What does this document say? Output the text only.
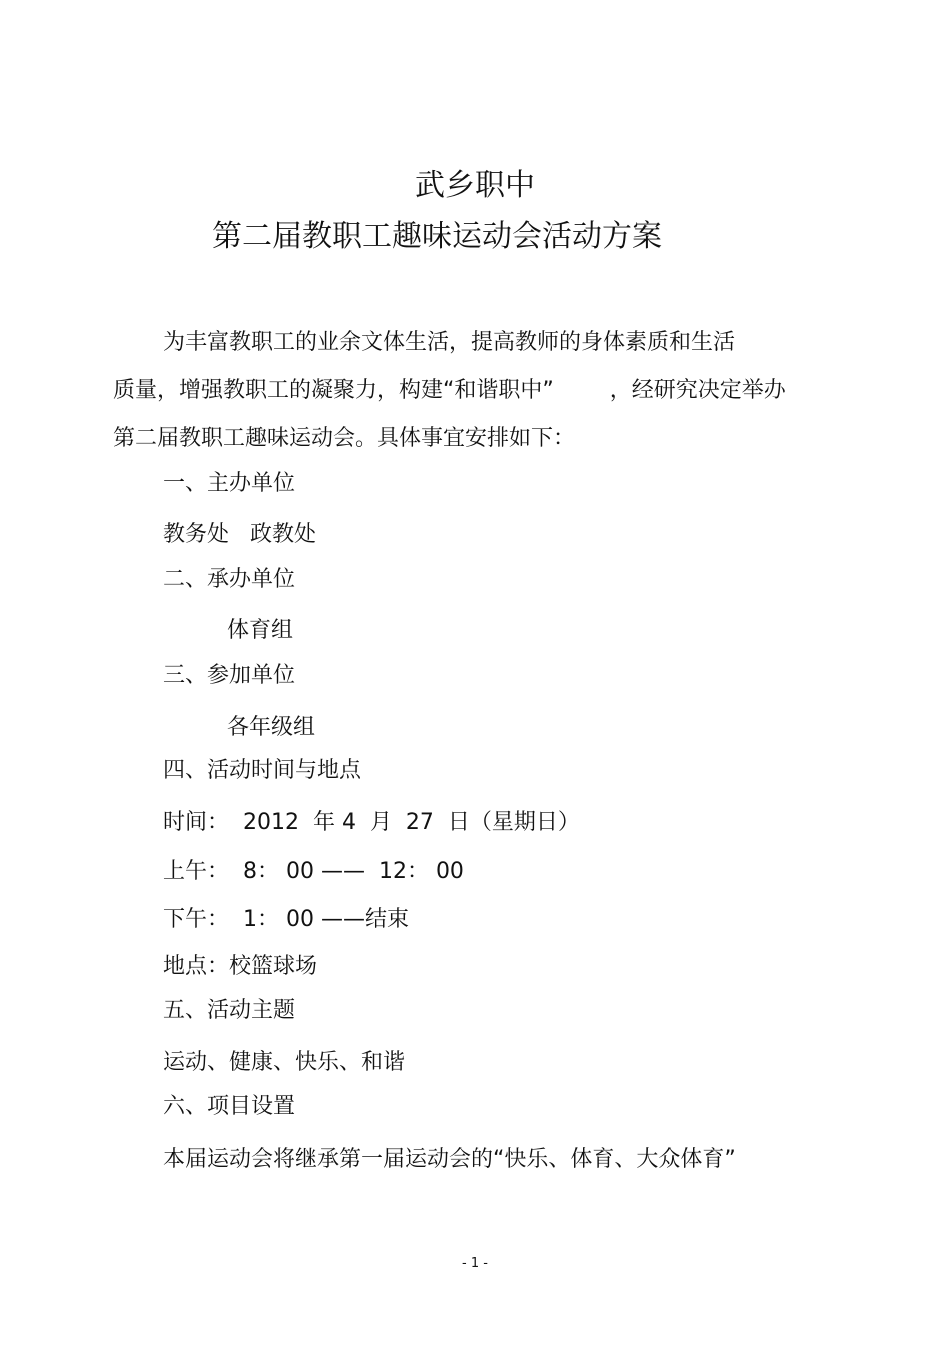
武乡职中
第二届教职工趣味运动会活动方案
为丰富教职工的业余文体生活，提高教师的身体素质和生活
质量，增强教职工的凝聚力，构建“和谐职中”        ，经研究决定举办
第二届教职工趣味运动会。具体事宜安排如下：
一、主办单位
教务处   政教处
二、承办单位
体育组
三、参加单位
各年级组
四、活动时间与地点
时间：  2012  年 4  月  27  日（星期日）
上午：  8： 00 ——  12： 00
下午：  1： 00 ——结束
地点：校篮球场
五、活动主题
运动、健康、快乐、和谐
六、项目设置
本届运动会将继承第一届运动会的“快乐、体育、大众体育”
- 1 -
